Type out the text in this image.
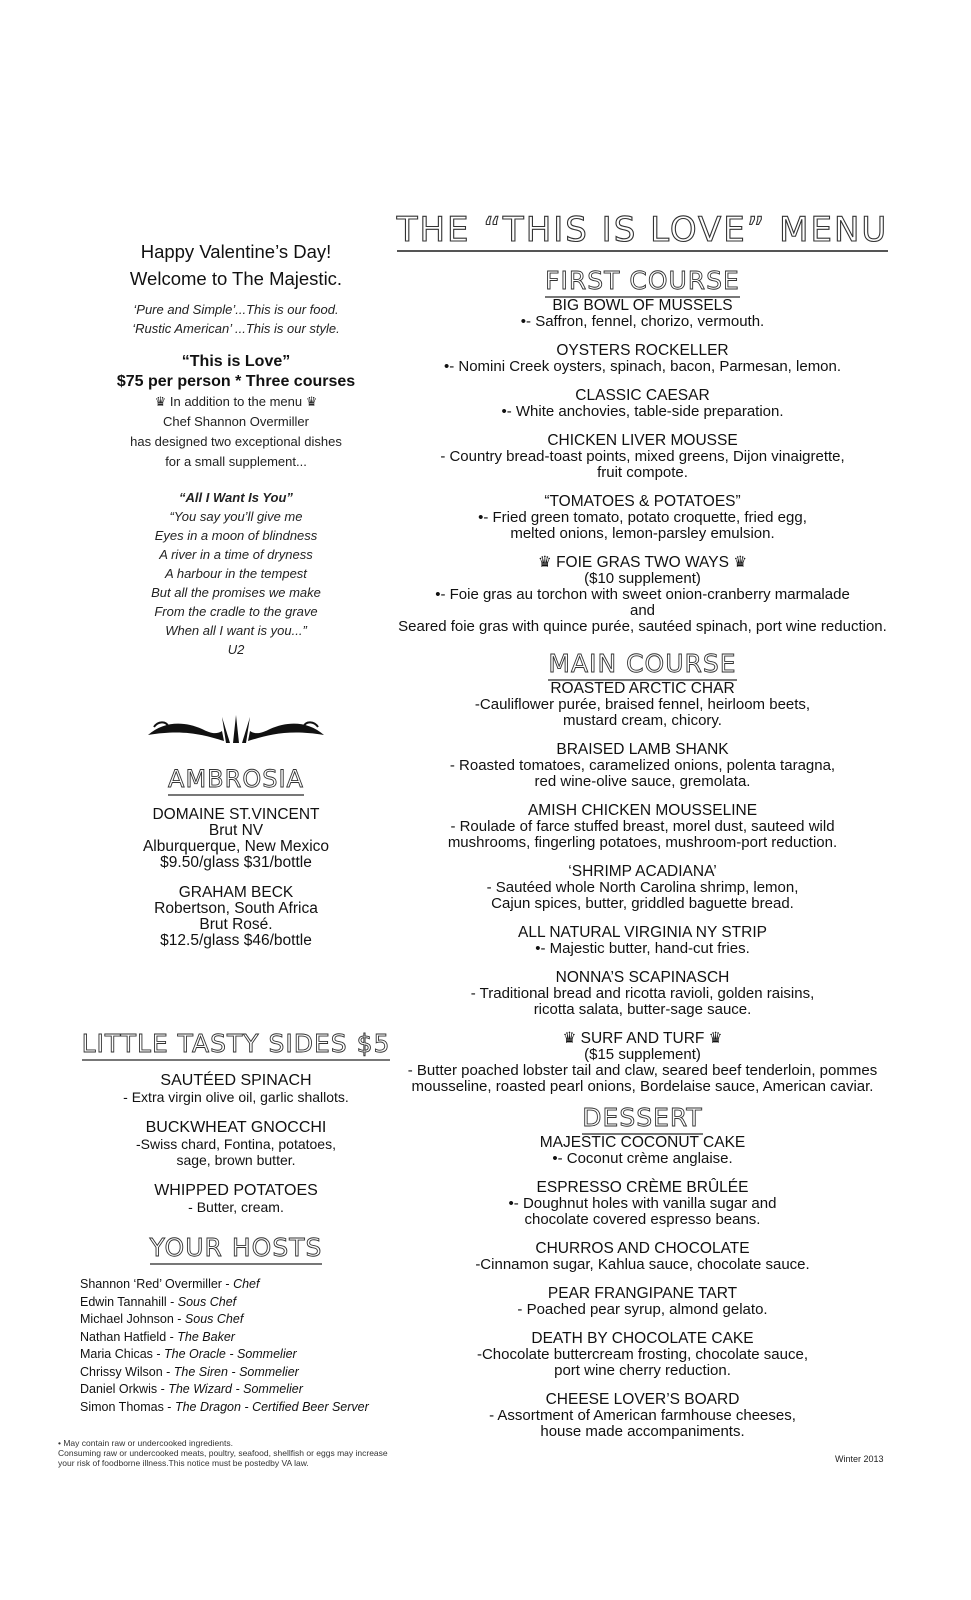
Happy Valentine’s Day!
Welcome to The Majestic.
‘Pure and Simple’...This is our food.
‘Rustic American’ ...This is our style.
“This is Love”
$75 per person * Three courses
♛ In addition to the menu ♛
Chef Shannon Overmiller
has designed two exceptional dishes
for a small supplement...
“All I Want Is You”
“You say you’ll give me
Eyes in a moon of blindness
A river in a time of dryness
A harbour in the tempest
But all the promises we make
From the cradle to the grave
When all I want is you...”
U2
AMBROSIA
DOMAINE ST.VINCENT
Brut NV
Alburquerque, New Mexico
$9.50/glass $31/bottle
GRAHAM BECK
Robertson, South Africa
Brut Rosé.
$12.5/glass $46/bottle
LITTLE TASTY SIDES $5
SAUTÉED SPINACH
- Extra virgin olive oil, garlic shallots.
BUCKWHEAT GNOCCHI
-Swiss chard, Fontina, potatoes,
sage, brown butter.
WHIPPED POTATOES
- Butter, cream.
YOUR HOSTS
Shannon ‘Red’ Overmiller - Chef
Edwin Tannahill - Sous Chef
Michael Johnson - Sous Chef
Nathan Hatfield - The Baker
Maria Chicas - The Oracle - Sommelier
Chrissy Wilson - The Siren - Sommelier
Daniel Orkwis - The Wizard - Sommelier
Simon Thomas - The Dragon - Certified Beer Server
• May contain raw or undercooked ingredients.
Consuming raw or undercooked meats, poultry, seafood, shellfish or eggs may increase
your risk of foodborne illness.This notice must be postedby VA law.
THE “THIS IS LOVE” MENU
FIRST COURSE
BIG BOWL OF MUSSELS
•- Saffron, fennel, chorizo, vermouth.
OYSTERS ROCKELLER
•- Nomini Creek oysters, spinach, bacon, Parmesan, lemon.
CLASSIC CAESAR
•- White anchovies, table-side preparation.
CHICKEN LIVER MOUSSE
- Country bread-toast points, mixed greens, Dijon vinaigrette,
fruit compote.
“TOMATOES & POTATOES”
•- Fried green tomato, potato croquette, fried egg,
melted onions, lemon-parsley emulsion.
♛ FOIE GRAS TWO WAYS ♛
($10 supplement)
•- Foie gras au torchon with sweet onion-cranberry marmalade
and
Seared foie gras with quince purée, sautéed spinach, port wine reduction.
MAIN COURSE
ROASTED ARCTIC CHAR
-Cauliflower purée, braised fennel, heirloom beets,
mustard cream, chicory.
BRAISED LAMB SHANK
- Roasted tomatoes, caramelized onions, polenta taragna,
red wine-olive sauce, gremolata.
AMISH CHICKEN MOUSSELINE
- Roulade of farce stuffed breast, morel dust, sauteed wild
mushrooms, fingerling potatoes, mushroom-port reduction.
‘SHRIMP ACADIANA’
- Sautéed whole North Carolina shrimp, lemon,
Cajun spices, butter, griddled baguette bread.
ALL NATURAL VIRGINIA NY STRIP
•- Majestic butter, hand-cut fries.
NONNA’S SCAPINASCH
- Traditional bread and ricotta ravioli, golden raisins,
ricotta salata, butter-sage sauce.
♛ SURF AND TURF ♛
($15 supplement)
- Butter poached lobster tail and claw, seared beef tenderloin, pommes
mousseline, roasted pearl onions, Bordelaise sauce, American caviar.
DESSERT
MAJESTIC COCONUT CAKE
•- Coconut crème anglaise.
ESPRESSO CRÈME BRÛLÉE
•- Doughnut holes with vanilla sugar and
chocolate covered espresso beans.
CHURROS AND CHOCOLATE
-Cinnamon sugar, Kahlua sauce, chocolate sauce.
PEAR FRANGIPANE TART
- Poached pear syrup, almond gelato.
DEATH BY CHOCOLATE CAKE
-Chocolate buttercream frosting, chocolate sauce,
port wine cherry reduction.
CHEESE LOVER’S BOARD
- Assortment of American farmhouse cheeses,
house made accompaniments.
Winter 2013
